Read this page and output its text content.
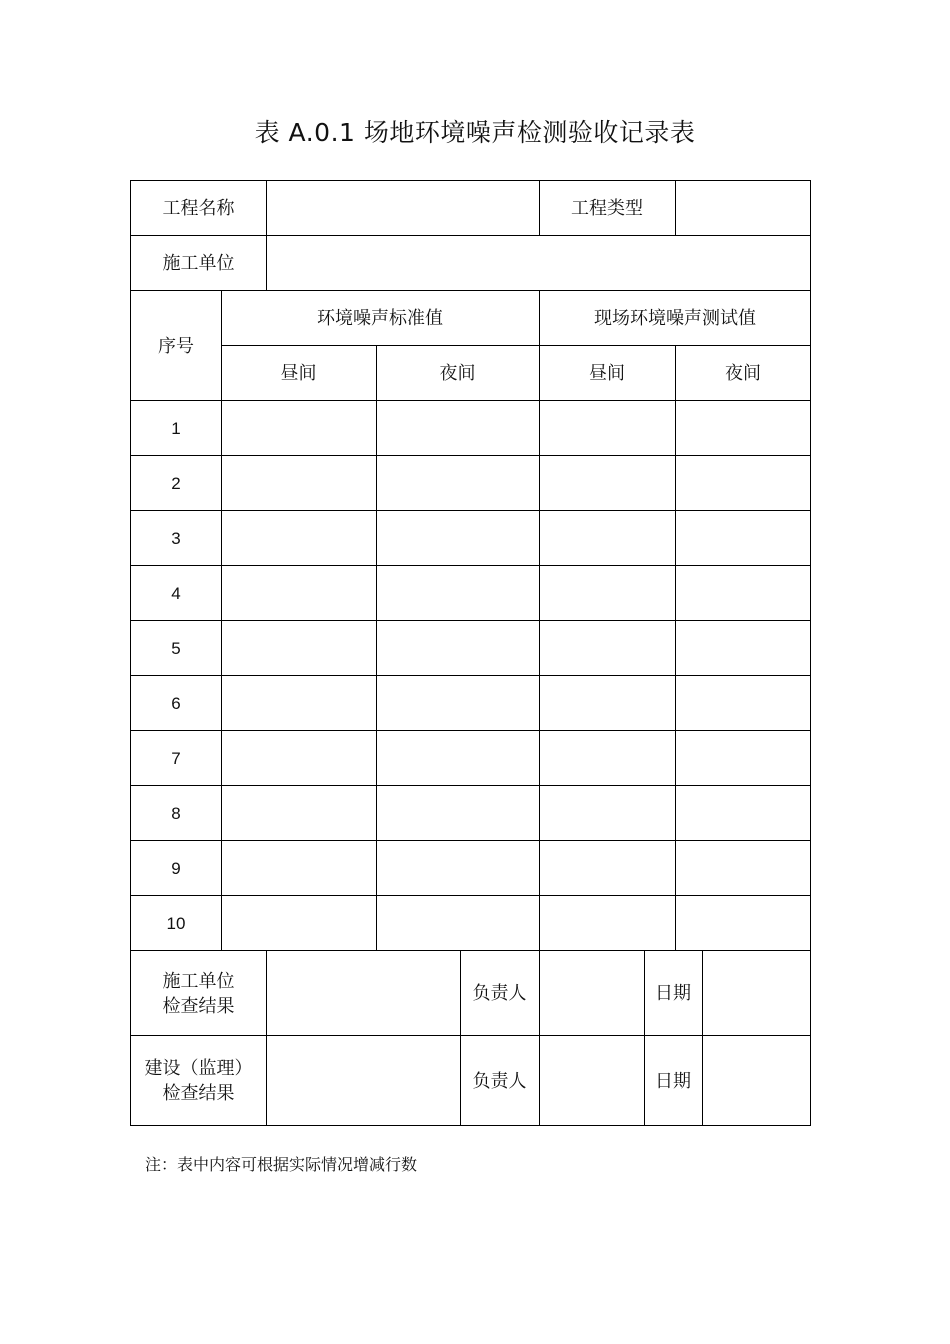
表 A.0.1 场地环境噪声检测验收记录表
工程名称	工程类型
施工单位
序号
环境噪声标准值	现场环境噪声测试值
昼间	夜间	昼间	夜间
1
2
3
4
5
6
7
8
9
10
施工单位
检查结果
负责人	日期
建设（监理）
检查结果
负责人	日期
注：表中内容可根据实际情况增减行数
